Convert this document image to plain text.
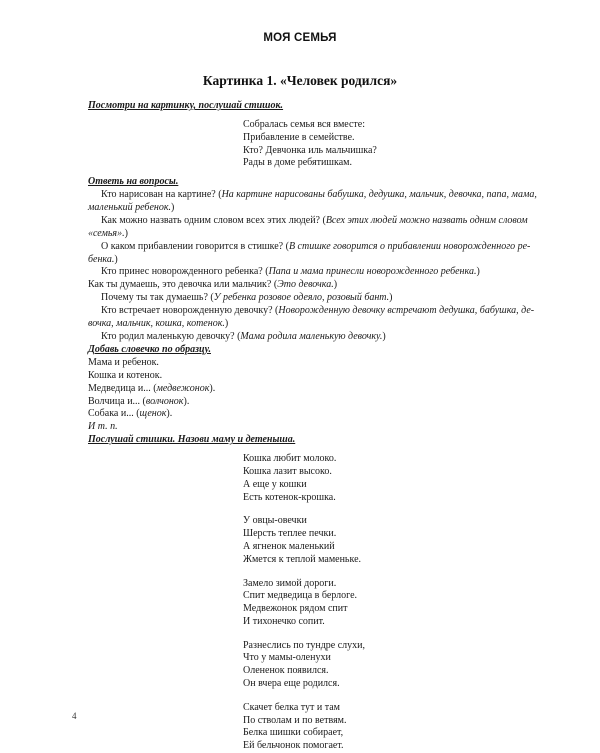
МОЯ СЕМЬЯ
Картинка 1. «Человек родился»
Посмотри на картинку, послушай стишок.
Собралась семья вся вместе:
Прибавление в семействе.
Кто? Девчонка иль мальчишка?
Рады в доме ребятишкам.
Ответь на вопросы.
Кто нарисован на картине? (На картине нарисованы бабушка, дедушка, мальчик, девочка, папа, мама,
маленький ребенок.)
Как можно назвать одним словом всех этих людей? (Всех этих людей можно назвать одним словом
«семья».)
О каком прибавлении говорится в стишке? (В стишке говорится о прибавлении новорожденного ре-
бенка.)
Кто принес новорожденного ребенка? (Папа и мама принесли новорожденного ребенка.)
Как ты думаешь, это девочка или мальчик? (Это девочка.)
Почему ты так думаешь? (У ребенка розовое одеяло, розовый бант.)
Кто встречает новорожденную девочку? (Новорожденную девочку встречают дедушка, бабушка, де-
вочка, мальчик, кошка, котенок.)
Кто родил маленькую девочку? (Мама родила маленькую девочку.)
Добавь словечко по образцу.
Мама и ребенок.
Кошка и котенок.
Медведица и... (медвежонок).
Волчица и... (волчонок).
Собака и... (щенок).
И т. п.
Послушай стишки. Назови маму и детеныша.
Кошка любит молоко.
Кошка лазит высоко.
А еще у кошки
Есть котенок-крошка.
У овцы-овечки
Шерсть теплее печки.
А ягненок маленький
Жмется к теплой маменьке.
Замело зимой дороги.
Спит медведица в берлоге.
Медвежонок рядом спит
И тихонечко сопит.
Разнеслись по тундре слухи,
Что у мамы-оленухи
Олененок появился.
Он вчера еще родился.
Скачет белка тут и там
По стволам и по ветвям.
Белка шишки собирает,
Ей бельчонок помогает.
4
